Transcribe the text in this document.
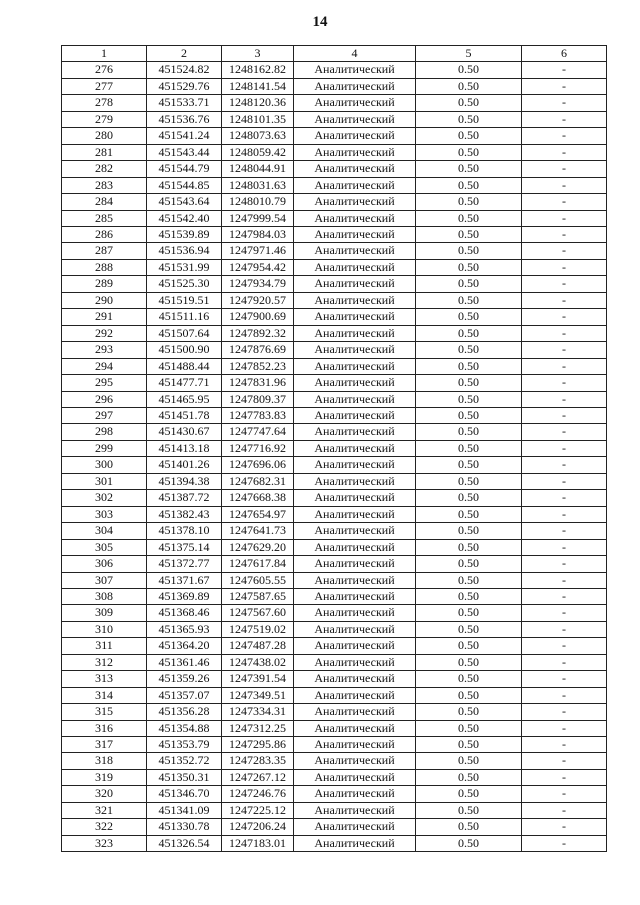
14
1	2	3	4	5	6
276	451524.82	1248162.82	Аналитический	0.50	-
277	451529.76	1248141.54	Аналитический	0.50	-
278	451533.71	1248120.36	Аналитический	0.50	-
279	451536.76	1248101.35	Аналитический	0.50	-
280	451541.24	1248073.63	Аналитический	0.50	-
281	451543.44	1248059.42	Аналитический	0.50	-
282	451544.79	1248044.91	Аналитический	0.50	-
283	451544.85	1248031.63	Аналитический	0.50	-
284	451543.64	1248010.79	Аналитический	0.50	-
285	451542.40	1247999.54	Аналитический	0.50	-
286	451539.89	1247984.03	Аналитический	0.50	-
287	451536.94	1247971.46	Аналитический	0.50	-
288	451531.99	1247954.42	Аналитический	0.50	-
289	451525.30	1247934.79	Аналитический	0.50	-
290	451519.51	1247920.57	Аналитический	0.50	-
291	451511.16	1247900.69	Аналитический	0.50	-
292	451507.64	1247892.32	Аналитический	0.50	-
293	451500.90	1247876.69	Аналитический	0.50	-
294	451488.44	1247852.23	Аналитический	0.50	-
295	451477.71	1247831.96	Аналитический	0.50	-
296	451465.95	1247809.37	Аналитический	0.50	-
297	451451.78	1247783.83	Аналитический	0.50	-
298	451430.67	1247747.64	Аналитический	0.50	-
299	451413.18	1247716.92	Аналитический	0.50	-
300	451401.26	1247696.06	Аналитический	0.50	-
301	451394.38	1247682.31	Аналитический	0.50	-
302	451387.72	1247668.38	Аналитический	0.50	-
303	451382.43	1247654.97	Аналитический	0.50	-
304	451378.10	1247641.73	Аналитический	0.50	-
305	451375.14	1247629.20	Аналитический	0.50	-
306	451372.77	1247617.84	Аналитический	0.50	-
307	451371.67	1247605.55	Аналитический	0.50	-
308	451369.89	1247587.65	Аналитический	0.50	-
309	451368.46	1247567.60	Аналитический	0.50	-
310	451365.93	1247519.02	Аналитический	0.50	-
311	451364.20	1247487.28	Аналитический	0.50	-
312	451361.46	1247438.02	Аналитический	0.50	-
313	451359.26	1247391.54	Аналитический	0.50	-
314	451357.07	1247349.51	Аналитический	0.50	-
315	451356.28	1247334.31	Аналитический	0.50	-
316	451354.88	1247312.25	Аналитический	0.50	-
317	451353.79	1247295.86	Аналитический	0.50	-
318	451352.72	1247283.35	Аналитический	0.50	-
319	451350.31	1247267.12	Аналитический	0.50	-
320	451346.70	1247246.76	Аналитический	0.50	-
321	451341.09	1247225.12	Аналитический	0.50	-
322	451330.78	1247206.24	Аналитический	0.50	-
323	451326.54	1247183.01	Аналитический	0.50	-
